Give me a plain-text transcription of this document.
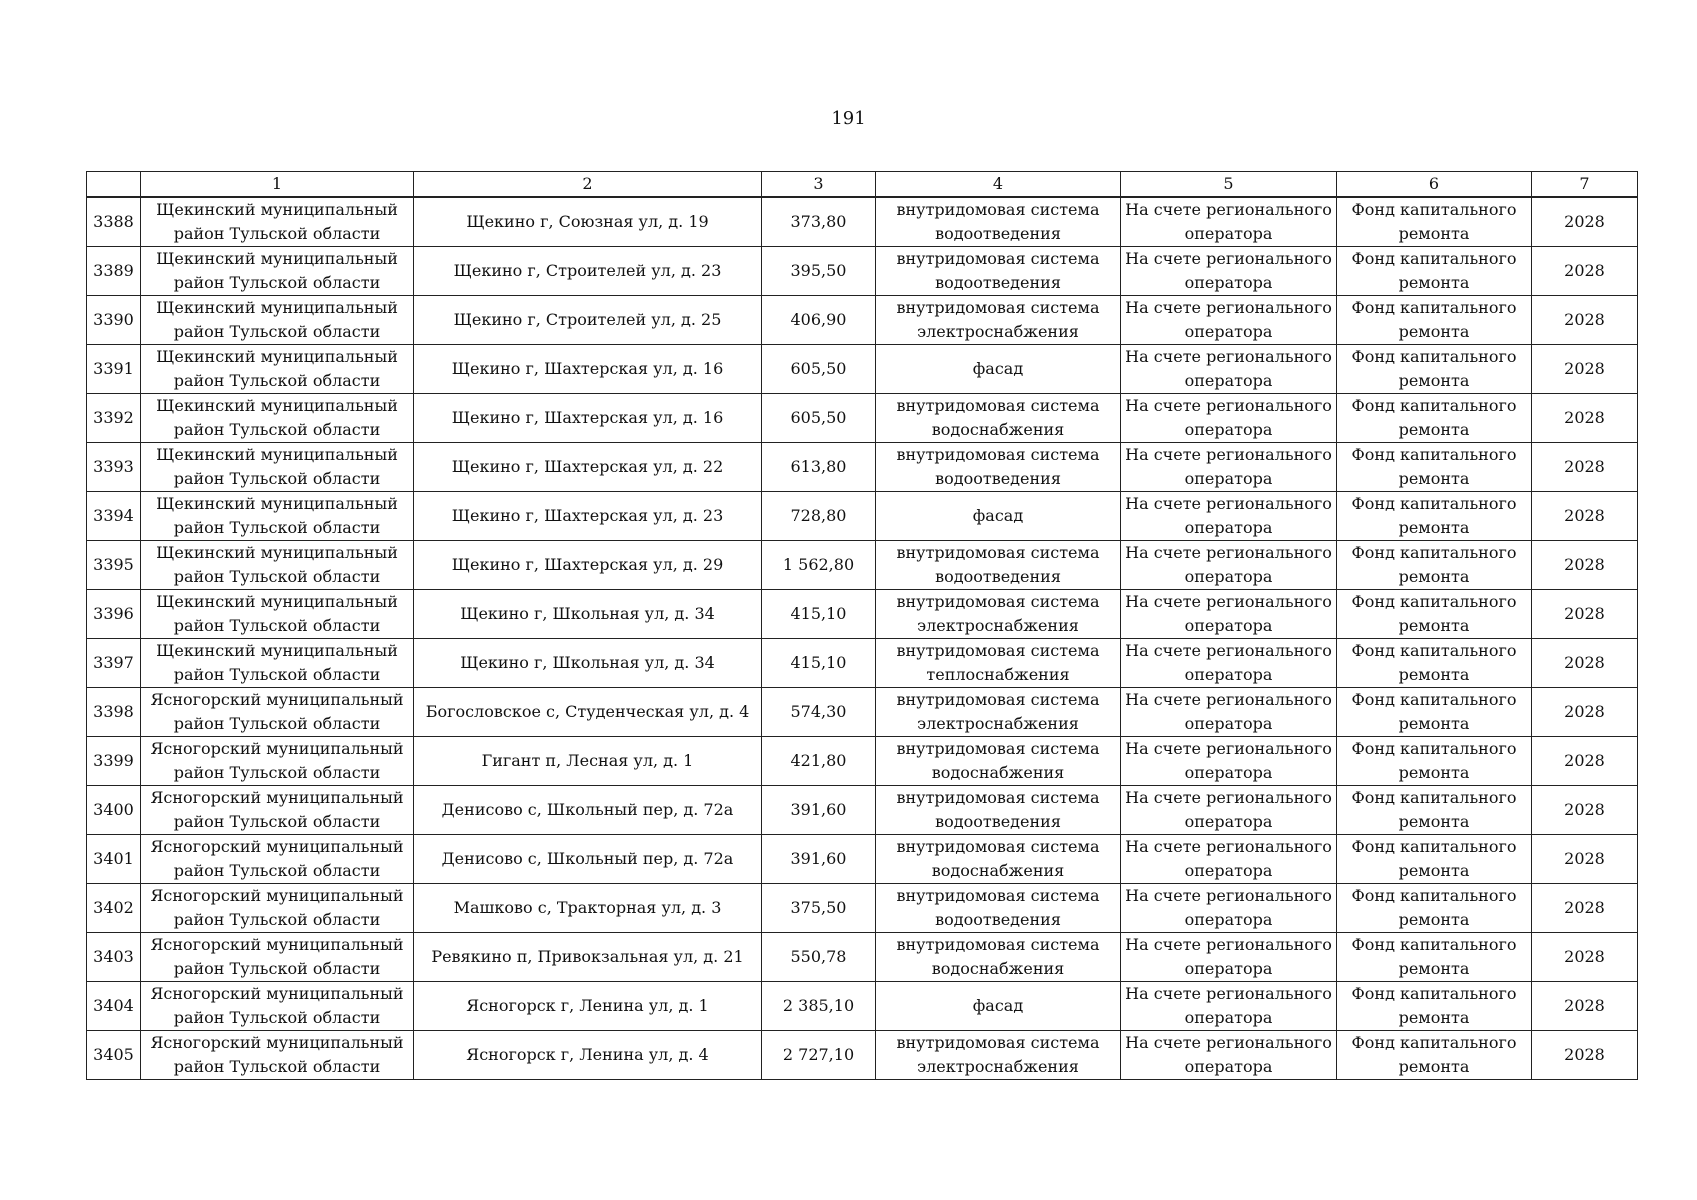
191
	1	2	3	4	5	6	7
3388	Щекинский муниципальный район Тульской области	Щекино г, Союзная ул, д. 19	373,80	внутридомовая система водоотведения	На счете регионального оператора	Фонд капитального ремонта	2028
3389	Щекинский муниципальный район Тульской области	Щекино г, Строителей ул, д. 23	395,50	внутридомовая система водоотведения	На счете регионального оператора	Фонд капитального ремонта	2028
3390	Щекинский муниципальный район Тульской области	Щекино г, Строителей ул, д. 25	406,90	внутридомовая система электроснабжения	На счете регионального оператора	Фонд капитального ремонта	2028
3391	Щекинский муниципальный район Тульской области	Щекино г, Шахтерская ул, д. 16	605,50	фасад	На счете регионального оператора	Фонд капитального ремонта	2028
3392	Щекинский муниципальный район Тульской области	Щекино г, Шахтерская ул, д. 16	605,50	внутридомовая система водоснабжения	На счете регионального оператора	Фонд капитального ремонта	2028
3393	Щекинский муниципальный район Тульской области	Щекино г, Шахтерская ул, д. 22	613,80	внутридомовая система водоотведения	На счете регионального оператора	Фонд капитального ремонта	2028
3394	Щекинский муниципальный район Тульской области	Щекино г, Шахтерская ул, д. 23	728,80	фасад	На счете регионального оператора	Фонд капитального ремонта	2028
3395	Щекинский муниципальный район Тульской области	Щекино г, Шахтерская ул, д. 29	1 562,80	внутридомовая система водоотведения	На счете регионального оператора	Фонд капитального ремонта	2028
3396	Щекинский муниципальный район Тульской области	Щекино г, Школьная ул, д. 34	415,10	внутридомовая система электроснабжения	На счете регионального оператора	Фонд капитального ремонта	2028
3397	Щекинский муниципальный район Тульской области	Щекино г, Школьная ул, д. 34	415,10	внутридомовая система теплоснабжения	На счете регионального оператора	Фонд капитального ремонта	2028
3398	Ясногорский муниципальный район Тульской области	Богословское с, Студенческая ул, д. 4	574,30	внутридомовая система электроснабжения	На счете регионального оператора	Фонд капитального ремонта	2028
3399	Ясногорский муниципальный район Тульской области	Гигант п, Лесная ул, д. 1	421,80	внутридомовая система водоснабжения	На счете регионального оператора	Фонд капитального ремонта	2028
3400	Ясногорский муниципальный район Тульской области	Денисово с, Школьный пер, д. 72а	391,60	внутридомовая система водоотведения	На счете регионального оператора	Фонд капитального ремонта	2028
3401	Ясногорский муниципальный район Тульской области	Денисово с, Школьный пер, д. 72а	391,60	внутридомовая система водоснабжения	На счете регионального оператора	Фонд капитального ремонта	2028
3402	Ясногорский муниципальный район Тульской области	Машково с, Тракторная ул, д. 3	375,50	внутридомовая система водоотведения	На счете регионального оператора	Фонд капитального ремонта	2028
3403	Ясногорский муниципальный район Тульской области	Ревякино п, Привокзальная ул, д. 21	550,78	внутридомовая система водоснабжения	На счете регионального оператора	Фонд капитального ремонта	2028
3404	Ясногорский муниципальный район Тульской области	Ясногорск г, Ленина ул, д. 1	2 385,10	фасад	На счете регионального оператора	Фонд капитального ремонта	2028
3405	Ясногорский муниципальный район Тульской области	Ясногорск г, Ленина ул, д. 4	2 727,10	внутридомовая система электроснабжения	На счете регионального оператора	Фонд капитального ремонта	2028
